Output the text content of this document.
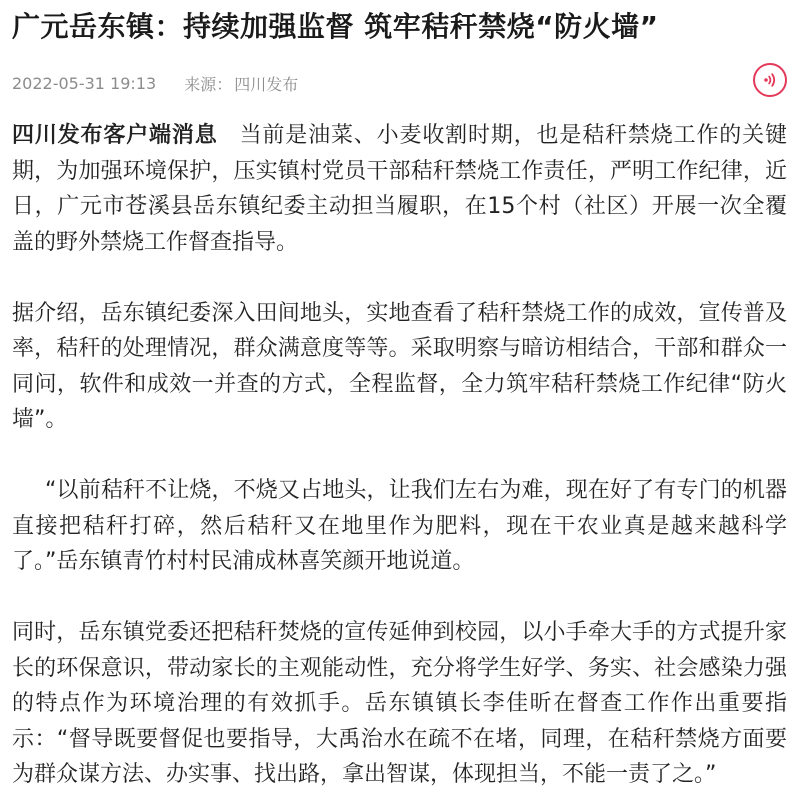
广元岳东镇：持续加强监督 筑牢秸秆禁烧“防火墙”
2022-05-31 19:13 来源： 四川发布

四川发布客户端消息 当前是油菜、小麦收割时期，也是秸秆禁烧工作的关键期，为加强环境保护，压实镇村党员干部秸秆禁烧工作责任，严明工作纪律，近日，广元市苍溪县岳东镇纪委主动担当履职，在15个村（社区）开展一次全覆盖的野外禁烧工作督查指导。

据介绍，岳东镇纪委深入田间地头，实地查看了秸秆禁烧工作的成效，宣传普及率，秸秆的处理情况，群众满意度等等。采取明察与暗访相结合，干部和群众一同问，软件和成效一并查的方式，全程监督，全力筑牢秸秆禁烧工作纪律“防火墙”。

“以前秸秆不让烧，不烧又占地头，让我们左右为难，现在好了有专门的机器直接把秸秆打碎，然后秸秆又在地里作为肥料，现在干农业真是越来越科学了。”岳东镇青竹村村民浦成林喜笑颜开地说道。

同时，岳东镇党委还把秸秆焚烧的宣传延伸到校园，以小手牵大手的方式提升家长的环保意识，带动家长的主观能动性，充分将学生好学、务实、社会感染力强的特点作为环境治理的有效抓手。岳东镇镇长李佳昕在督查工作作出重要指示：“督导既要督促也要指导，大禹治水在疏不在堵，同理，在秸秆禁烧方面要为群众谋方法、办实事、找出路，拿出智谋，体现担当，不能一责了之。”
